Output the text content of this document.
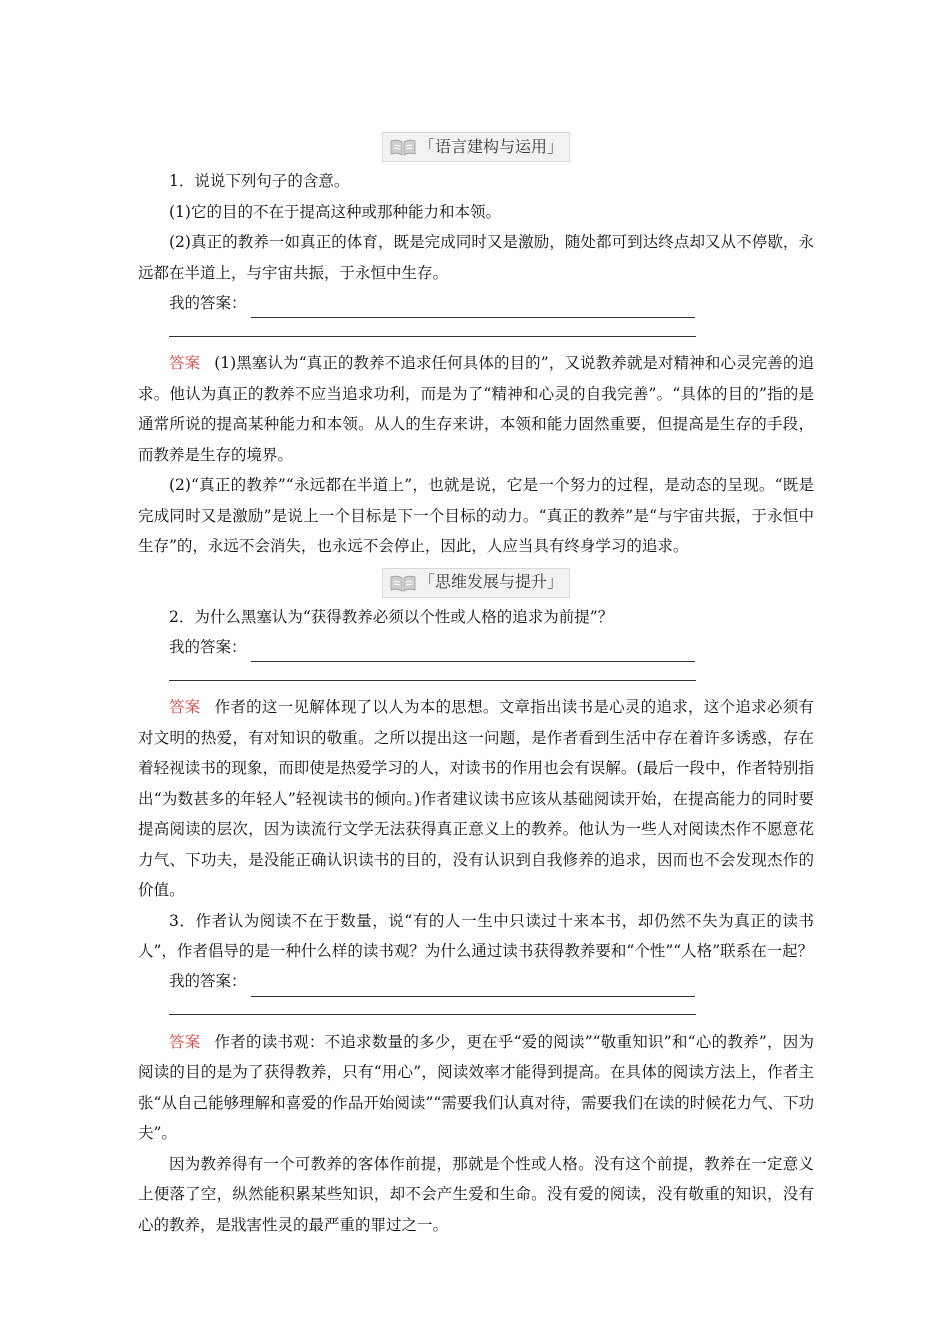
「语言建构与运用」

1．说说下列句子的含意。

(1)它的目的不在于提高这种或那种能力和本领。

(2)真正的教养一如真正的体育，既是完成同时又是激励，随处都可到达终点却又从不停歇，永远都在半道上，与宇宙共振，于永恒中生存。

我的答案：

答案 (1)黑塞认为“真正的教养不追求任何具体的目的”，又说教养就是对精神和心灵完善的追求。他认为真正的教养不应当追求功利，而是为了“精神和心灵的自我完善”。“具体的目的”指的是通常所说的提高某种能力和本领。从人的生存来讲，本领和能力固然重要，但提高是生存的手段，而教养是生存的境界。

(2)“真正的教养”“永远都在半道上”，也就是说，它是一个努力的过程，是动态的呈现。“既是完成同时又是激励”是说上一个目标是下一个目标的动力。“真正的教养”是“与宇宙共振，于永恒中生存”的，永远不会消失，也永远不会停止，因此，人应当具有终身学习的追求。

「思维发展与提升」

2．为什么黑塞认为“获得教养必须以个性或人格的追求为前提”？

我的答案：

答案 作者的这一见解体现了以人为本的思想。文章指出读书是心灵的追求，这个追求必须有对文明的热爱，有对知识的敬重。之所以提出这一问题，是作者看到生活中存在着许多诱惑，存在着轻视读书的现象，而即使是热爱学习的人，对读书的作用也会有误解。(最后一段中，作者特别指出“为数甚多的年轻人”轻视读书的倾向。)作者建议读书应该从基础阅读开始，在提高能力的同时要提高阅读的层次，因为读流行文学无法获得真正意义上的教养。他认为一些人对阅读杰作不愿意花力气、下功夫，是没能正确认识读书的目的，没有认识到自我修养的追求，因而也不会发现杰作的价值。

3．作者认为阅读不在于数量，说“有的人一生中只读过十来本书，却仍然不失为真正的读书人”，作者倡导的是一种什么样的读书观？为什么通过读书获得教养要和“个性”“人格”联系在一起？

我的答案：

答案 作者的读书观：不追求数量的多少，更在乎“爱的阅读”“敬重知识”和“心的教养”，因为阅读的目的是为了获得教养，只有“用心”，阅读效率才能得到提高。在具体的阅读方法上，作者主张“从自己能够理解和喜爱的作品开始阅读”“需要我们认真对待，需要我们在读的时候花力气、下功夫”。

因为教养得有一个可教养的客体作前提，那就是个性或人格。没有这个前提，教养在一定意义上便落了空，纵然能积累某些知识，却不会产生爱和生命。没有爱的阅读，没有敬重的知识，没有心的教养，是戕害性灵的最严重的罪过之一。
